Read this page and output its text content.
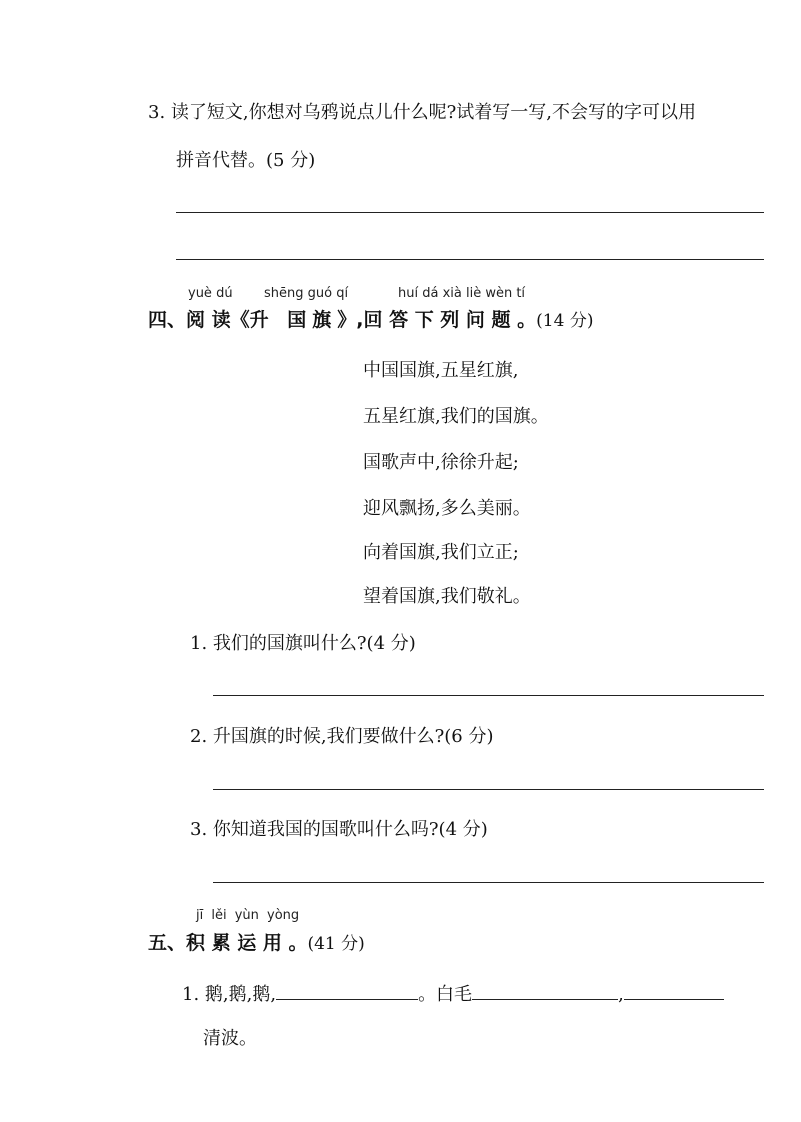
3. 读了短文,你想对乌鸦说点儿什么呢?试着写一写,不会写的字可以用
拼音代替。(5 分)
yuè dú shēng guó qí	huí dá xià liè wèn tí
四、阅 读《升 国旗》,回 答 下 列 问 题 。(14 分)
中国国旗,五星红旗,
五星红旗,我们的国旗。
国歌声中,徐徐升起;
迎风飘扬,多么美丽。
向着国旗,我们立正;
望着国旗,我们敬礼。
1. 我们的国旗叫什么?(4 分)
2. 升国旗的时候,我们要做什么?(6 分)
3. 你知道我国的国歌叫什么吗?(4 分)
jī lěi yùn yòng
五、积 累 运 用 。(41 分)
1. 鹅,鹅,鹅,	。白毛	,
清波。
